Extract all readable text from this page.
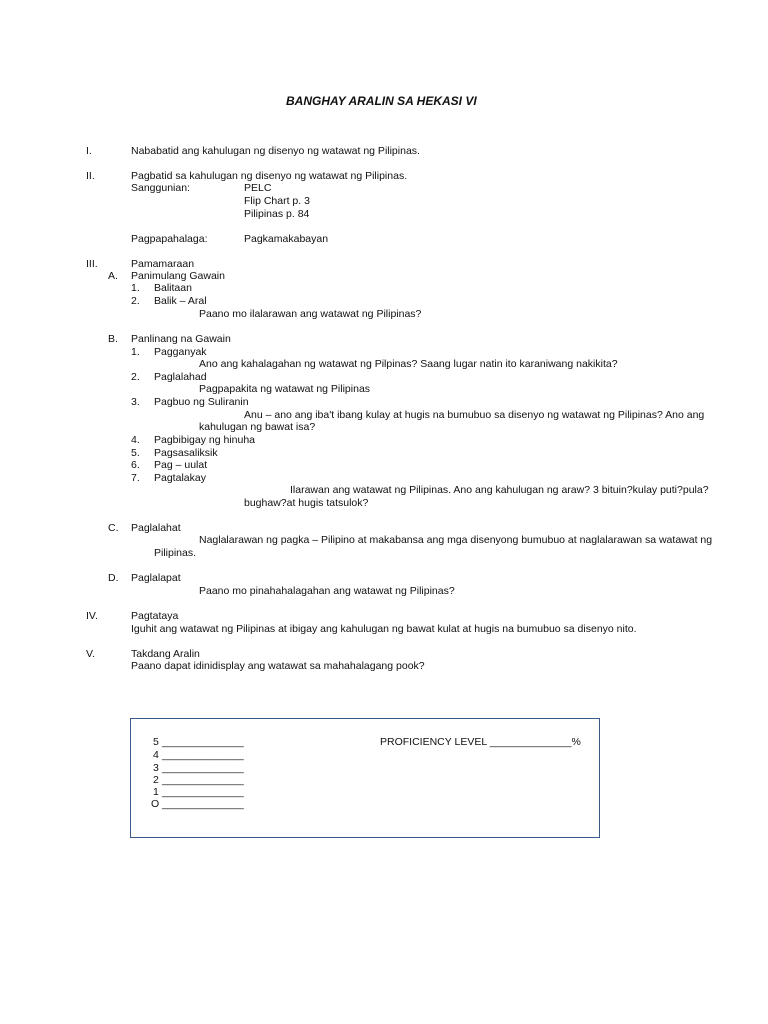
BANGHAY ARALIN SA HEKASI VI
I.	Nababatid ang kahulugan ng disenyo ng watawat ng Pilipinas.
II.	Pagbatid sa kahulugan ng disenyo ng watawat ng Pilipinas.
Sanggunian:	PELC
Flip Chart p. 3
Pilipinas p. 84
Pagpapahalaga:	Pagkamakabayan
III.	Pamamaraan
A. Panimulang Gawain
1. Balitaan
2. Balik – Aral
Paano mo ilalarawan ang watawat ng Pilipinas?
B. Panlinang na Gawain
1. Pagganyak
Ano ang kahalagahan ng watawat ng Pilpinas? Saang lugar natin ito karaniwang nakikita?
2. Paglalahad
Pagpapakita ng watawat ng Pilipinas
3. Pagbuo ng Suliranin
Anu – ano ang iba't ibang kulay at hugis na bumubuo sa disenyo ng watawat ng Pilipinas? Ano ang
kahulugan ng bawat isa?
4. Pagbibigay ng hinuha
5. Pagsasaliksik
6. Pag – uulat
7. Pagtalakay
Ilarawan ang watawat ng Pilipinas. Ano ang kahulugan ng araw? 3 bituin?kulay puti?pula?
bughaw?at hugis tatsulok?
C. Paglalahat
Naglalarawan ng pagka – Pilipino at makabansa ang mga disenyong bumubuo at naglalarawan sa watawat ng
Pilipinas.
D. Paglalapat
Paano mo pinahahalagahan ang watawat ng Pilipinas?
IV.	Pagtataya
Iguhit ang watawat ng Pilipinas at ibigay ang kahulugan ng bawat kulat at hugis na bumubuo sa disenyo nito.
V.	Takdang Aralin
Paano dapat idinidisplay ang watawat sa mahahalagang pook?
5 ______________
4 ______________
3 ______________
2 ______________
1 ______________
O ______________
PROFICIENCY LEVEL ______________%
